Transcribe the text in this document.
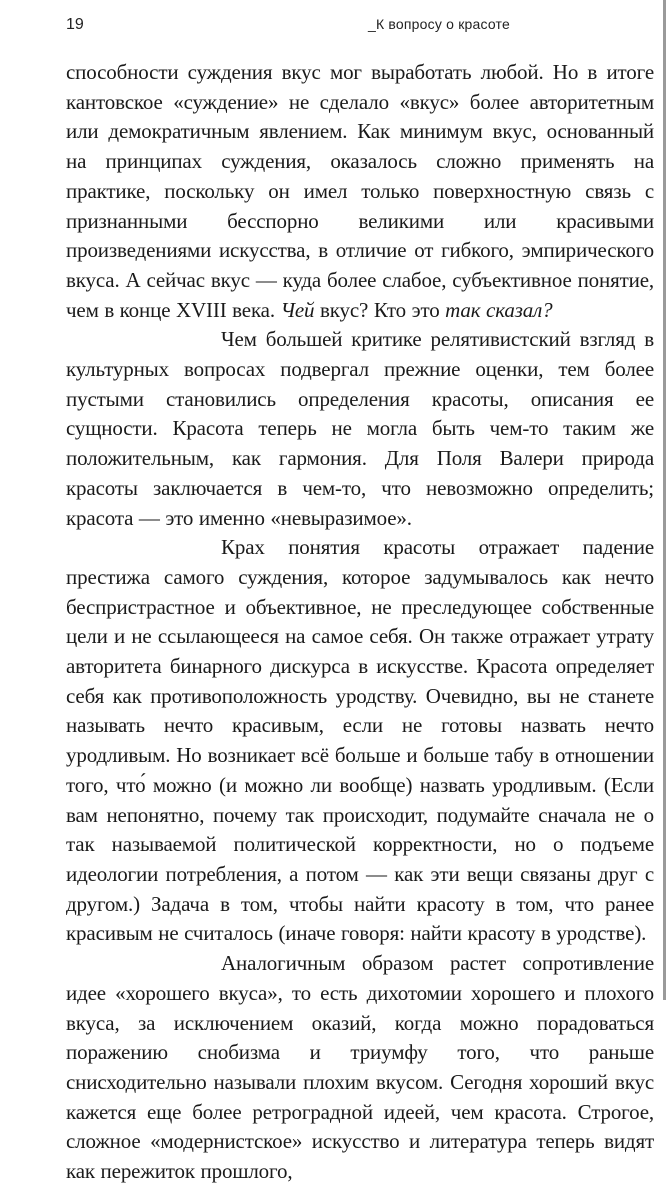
19	_К вопросу о красоте

способности суждения вкус мог выработать любой. Но в итоге кантовское «суждение» не сделало «вкус» более авторитетным или демократичным явлением. Как минимум вкус, основанный на принципах суждения, оказалось сложно применять на практике, поскольку он имел только поверхностную связь с признанными бесспорно великими или красивыми произведениями искусства, в отличие от гибкого, эмпирического вкуса. А сейчас вкус — куда более слабое, субъективное понятие, чем в конце XVIII века. Чей вкус? Кто это так сказал?

Чем большей критике релятивистский взгляд в культурных вопросах подвергал прежние оценки, тем более пустыми становились определения красоты, описания ее сущности. Красота теперь не могла быть чем-то таким же положительным, как гармония. Для Поля Валери природа красоты заключается в чем-то, что невозможно определить; красота — это именно «невыразимое».

Крах понятия красоты отражает падение престижа самого суждения, которое задумывалось как нечто беспристрастное и объективное, не преследующее собственные цели и не ссылающееся на самое себя. Он также отражает утрату авторитета бинарного дискурса в искусстве. Красота определяет себя как противоположность уродству. Очевидно, вы не станете называть нечто красивым, если не готовы назвать нечто уродливым. Но возникает всё больше и больше табу в отношении того, что́ можно (и можно ли вообще) назвать уродливым. (Если вам непонятно, почему так происходит, подумайте сначала не о так называемой политической корректности, но о подъеме идеологии потребления, а потом — как эти вещи связаны друг с другом.) Задача в том, чтобы найти красоту в том, что ранее красивым не считалось (иначе говоря: найти красоту в уродстве).

Аналогичным образом растет сопротивление идее «хорошего вкуса», то есть дихотомии хорошего и плохого вкуса, за исключением оказий, когда можно порадоваться поражению снобизма и триумфу того, что раньше снисходительно называли плохим вкусом. Сегодня хороший вкус кажется еще более ретроградной идеей, чем красота. Строгое, сложное «модернистское» искусство и литература теперь видят как пережиток прошлого,
